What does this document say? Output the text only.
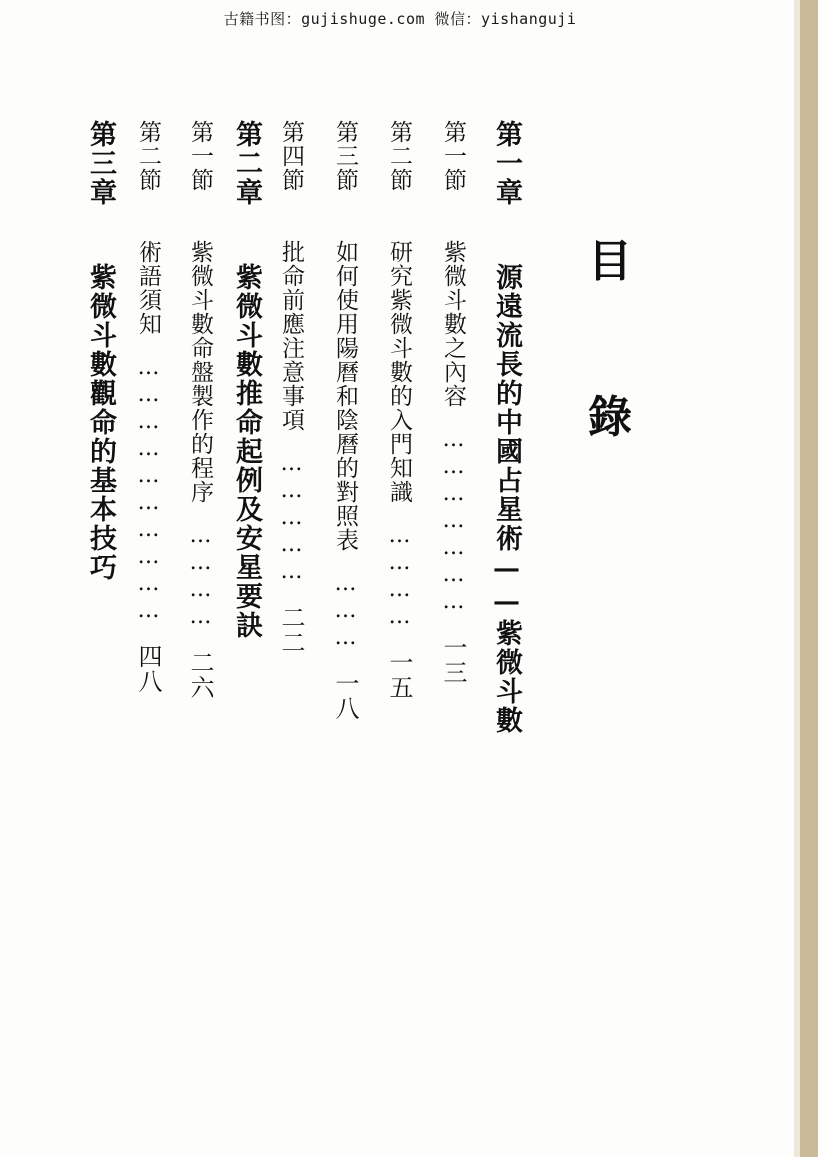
古籍书图：gujishuge.com 微信：yishanguji
目
錄
第一章  源遠流長的中國占星術——紫微斗數
第一節  紫微斗數之內容 ………………… 一三
第二節  研究紫微斗數的入門知識 ………… 一五
第三節  如何使用陽曆和陰曆的對照表 ……… 一八
第四節  批命前應注意事項 …………… 二二
第二章  紫微斗數推命起例及安星要訣
第一節  紫微斗數命盤製作的程序 ………… 二六
第二節  術語須知 ………………………… 四八
第三章  紫微斗數觀命的基本技巧
